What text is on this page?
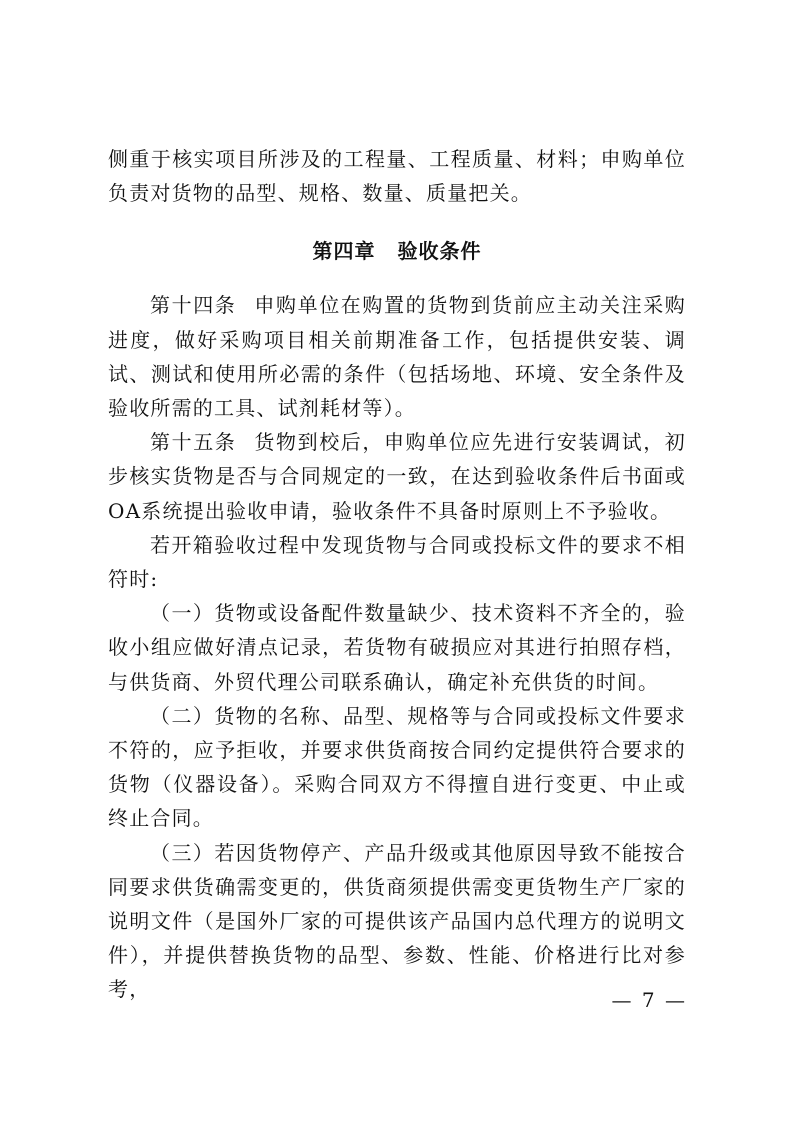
侧重于核实项目所涉及的工程量、工程质量、材料；申购单位负责对货物的品型、规格、数量、质量把关。

第四章 验收条件

第十四条 申购单位在购置的货物到货前应主动关注采购进度，做好采购项目相关前期准备工作，包括提供安装、调试、测试和使用所必需的条件（包括场地、环境、安全条件及验收所需的工具、试剂耗材等）。

第十五条 货物到校后，申购单位应先进行安装调试，初步核实货物是否与合同规定的一致，在达到验收条件后书面或OA系统提出验收申请，验收条件不具备时原则上不予验收。

若开箱验收过程中发现货物与合同或投标文件的要求不相符时:

（一）货物或设备配件数量缺少、技术资料不齐全的，验收小组应做好清点记录，若货物有破损应对其进行拍照存档，与供货商、外贸代理公司联系确认，确定补充供货的时间。

（二）货物的名称、品型、规格等与合同或投标文件要求不符的，应予拒收，并要求供货商按合同约定提供符合要求的货物（仪器设备）。采购合同双方不得擅自进行变更、中止或终止合同。

（三）若因货物停产、产品升级或其他原因导致不能按合同要求供货确需变更的，供货商须提供需变更货物生产厂家的说明文件（是国外厂家的可提供该产品国内总代理方的说明文件），并提供替换货物的品型、参数、性能、价格进行比对参考，	— 7 —
